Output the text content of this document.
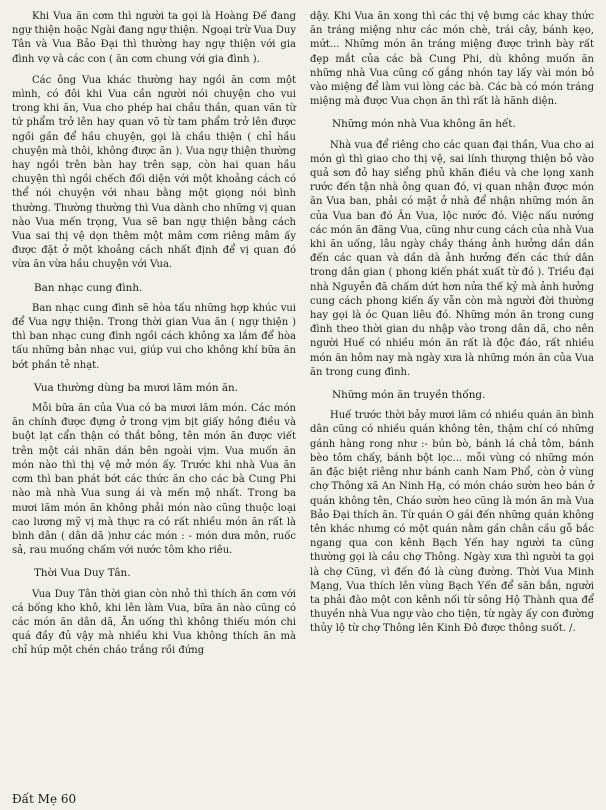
Khi Vua ăn cơm thì người ta gọi là Hoàng Đế đang ngự thiện hoặc Ngài đang ngự thiện. Ngoại trừ Vua Duy Tân và Vua Bảo Đại thì thường hay ngự thiện với gia đình vợ và các con ( ăn cơm chung với gia đình ).

Các ông Vua khác thường hay ngồi ăn cơm một mình, có đôi khi Vua cần người nói chuyện cho vui trong khi ăn, Vua cho phép hai chầu thần, quan văn từ tứ phẩm trở lên hay quan võ từ tam phẩm trở lên được ngồi gần để hầu chuyện, gọi là chầu thiện ( chỉ hầu chuyện mà thôi, không được ăn ). Vua ngự thiện thường hay ngồi trên bàn hay trên sạp, còn hai quan hầu chuyện thì ngồi chếch đối diện với một khoảng cách có thể nói chuyện với nhau bằng một giọng nói bình thường. Thường thường thì Vua dành cho những vị quan nào Vua mến trọng, Vua sẽ ban ngự thiện bằng cách Vua sai thị vệ dọn thêm một mâm cơm riêng mâm ấy được đặt ở một khoảng cách nhất định để vị quan đó vừa ăn vừa hầu chuyện với Vua.

Ban nhạc cung đình.

Ban nhạc cung đình sẽ hòa tấu những hợp khúc vui để Vua ngự thiện. Trong thời gian Vua ăn ( ngự thiện ) thì ban nhạc cung đình ngồi cách không xa lắm để hòa tấu những bản nhạc vui, giúp vui cho không khí bữa ăn bớt phần tẻ nhạt.

Vua thường dùng ba mươi lăm món ăn.

Mỗi bữa ăn của Vua có ba mươi lăm món. Các món ăn chính được đựng ở trong vịm bịt giấy hồng điều và buột lạt cẩn thận có thắt bông, tên món ăn được viết trên một cái nhãn dán bên ngoài vịm. Vua muốn ăn món nào thì thị vệ mở món ấy. Trước khi nhà Vua ăn cơm thì ban phát bớt các thức ăn cho các bà Cung Phi nào mà nhà Vua sung ái và mến mộ nhất. Trong ba mươi lăm món ăn không phải món nào cũng thuộc loại cao lương mỹ vị mà thực ra có rất nhiều món ăn rất là bình dân ( dân dã )như các món : - món dưa môn, ruốc sả, rau muống chấm với nước tôm kho riêu.

Thời Vua Duy Tân.

Vua Duy Tân thời gian còn nhỏ thì thích ăn cơm với cá bống kho khô, khi lên làm Vua, bữa ăn nào cũng có các món ăn dân dã, Ăn uống thì không thiếu món chi quá đầy đủ vậy mà nhiều khi Vua không thích ăn mà chỉ húp một chén cháo trắng rồi đứng

dậy. Khi Vua ăn xong thì các thị vệ bưng các khay thức ăn tráng miệng như các món chè, trái cây, bánh kẹo, mứt... Những món ăn tráng miệng được trình bày rất đẹp mắt của các bà Cung Phi, dù không muốn ăn những nhà Vua cũng cố gắng nhón tay lấy vài món bỏ vào miệng để làm vui lòng các bà. Các bà có món tráng miệng mà được Vua chọn ăn thì rất là hãnh diện.

Những món nhà Vua không ăn hết.

Nhà vua để riêng cho các quan đại thần, Vua cho ai món gì thì giao cho thị vệ, sai lính thượng thiện bỏ vào quả sơn đỏ hay siểng phủ khăn điều và che lọng xanh rước đến tận nhà ông quan đó, vị quan nhận được món ăn Vua ban, phải có mặt ở nhà để nhận những món ăn của Vua ban đó Ân Vua, lộc nước đó. Việc nấu nướng các món ăn đãng Vua, cũng như cung cách của nhà Vua khi ăn uống, lâu ngày chầy tháng ảnh hưởng dần dần đến các quan và dần dà ảnh hưởng đến các thứ dân trong dân gian ( phong kiến phát xuất từ đó ). Triều đại nhà Nguyễn đã chấm dứt hơn nửa thế kỷ mà ảnh hưởng cung cách phong kiến ấy vẫn còn mà người đời thường hay gọi là óc Quan liêu đó. Những món ăn trong cung đình theo thời gian du nhập vào trong dân dã, cho nên người Huế có nhiều món ăn rất là độc đáo, rất nhiều món ăn hôm nay mà ngày xưa là những món ăn của Vua ăn trong cung đình.

Những món ăn truyền thống.

Huế trước thời bảy mươi lăm có nhiều quán ăn bình dân cũng có nhiều quán không tên, thậm chí có những gánh hàng rong như :- bún bò, bánh lá chả tôm, bánh bèo tôm chấy, bánh bột lọc... mỗi vùng có những món ăn đặc biệt riêng như bánh canh Nam Phổ, còn ở vùng chợ Thông xã An Ninh Hạ, có món cháo sườn heo bán ở quán không tên, Cháo sườn heo cũng là món ăn mà Vua Bảo Đại thích ăn. Từ quán O gái đến những quán không tên khác nhưng có một quán nằm gần chân cầu gỗ bắc ngang qua con kênh Bạch Yến hay người ta cũng thường gọi là cầu chợ Thông. Ngày xưa thì người ta gọi là chợ Cũng, vì đến đó là cùng đường. Thời Vua Minh Mạng, Vua thích lên vùng Bạch Yến để săn bắn, người ta phải đào một con kênh nối từ sông Hộ Thành qua để thuyền nhà Vua ngự vào cho tiện, từ ngày ấy con đường thủy lộ từ chợ Thông lên Kinh Đô được thông suốt. /.

Đất Mẹ 60
